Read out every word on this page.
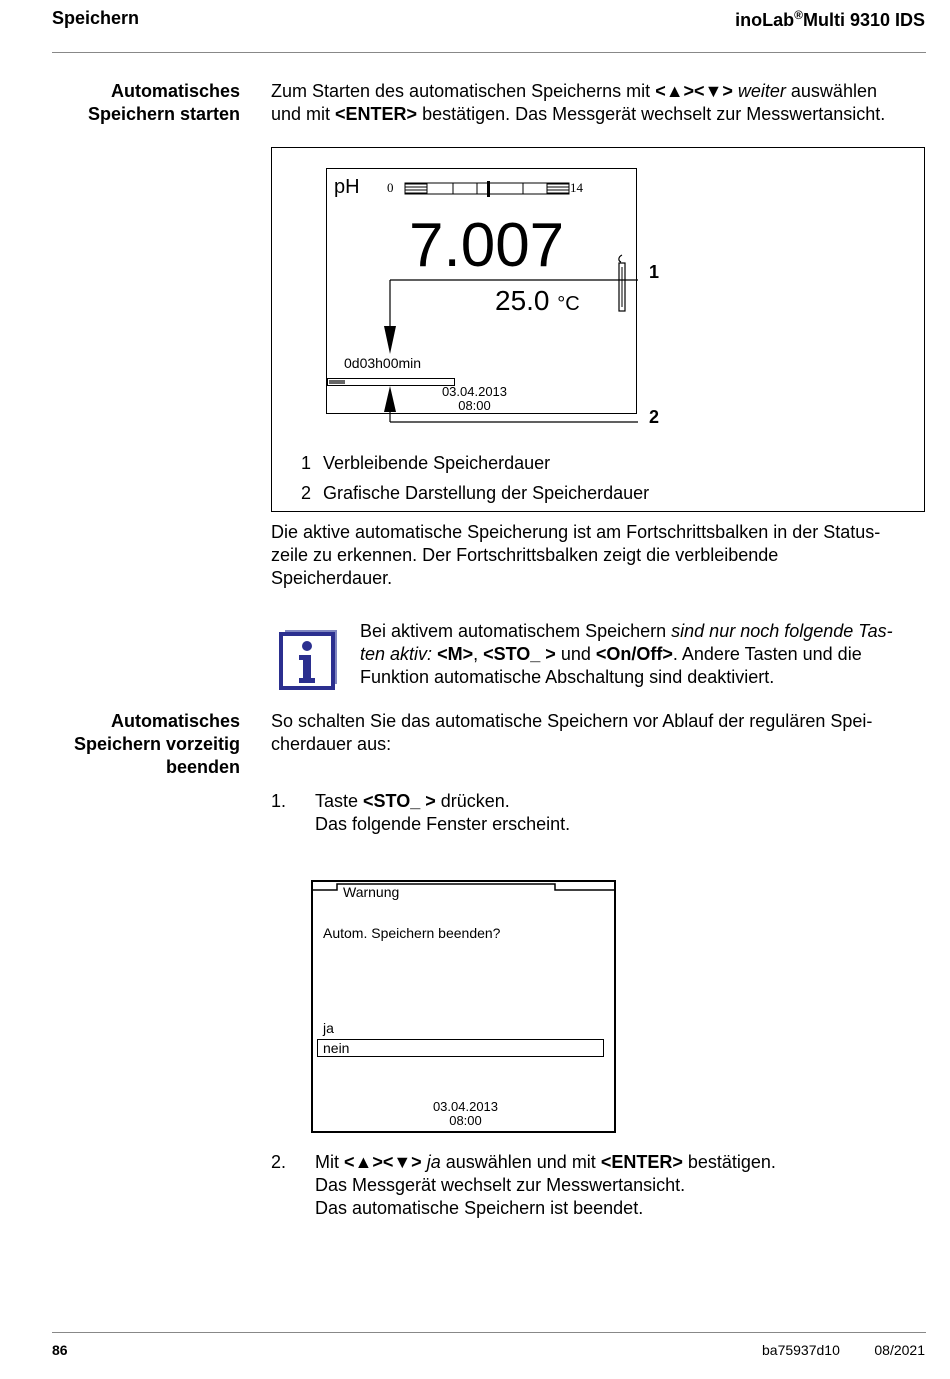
Speichern	inoLab®Multi 9310 IDS
Automatisches
Speichern starten
Zum Starten des automatischen Speicherns mit <▲><▼> weiter auswählen
und mit <ENTER> bestätigen. Das Messgerät wechselt zur Messwertansicht.
pH 0	14
7.007
25.0 °C
0d03h00min
03.04.2013
08:00
1
2
1 Verbleibende Speicherdauer
2 Grafische Darstellung der Speicherdauer
Die aktive automatische Speicherung ist am Fortschrittsbalken in der Status-
zeile zu erkennen. Der Fortschrittsbalken zeigt die verbleibende
Speicherdauer.
Bei aktivem automatischem Speichern sind nur noch folgende Tas-
ten aktiv: <M>, <STO_ > und <On/Off>. Andere Tasten und die
Funktion automatische Abschaltung sind deaktiviert.
Automatisches
Speichern vorzeitig
beenden
So schalten Sie das automatische Speichern vor Ablauf der regulären Spei-
cherdauer aus:
1. Taste <STO_ > drücken.
Das folgende Fenster erscheint.
Warnung
Autom. Speichern beenden?
ja
nein
03.04.2013
08:00
2. Mit <▲><▼> ja auswählen und mit <ENTER> bestätigen.
Das Messgerät wechselt zur Messwertansicht.
Das automatische Speichern ist beendet.
86	ba75937d10 08/2021
